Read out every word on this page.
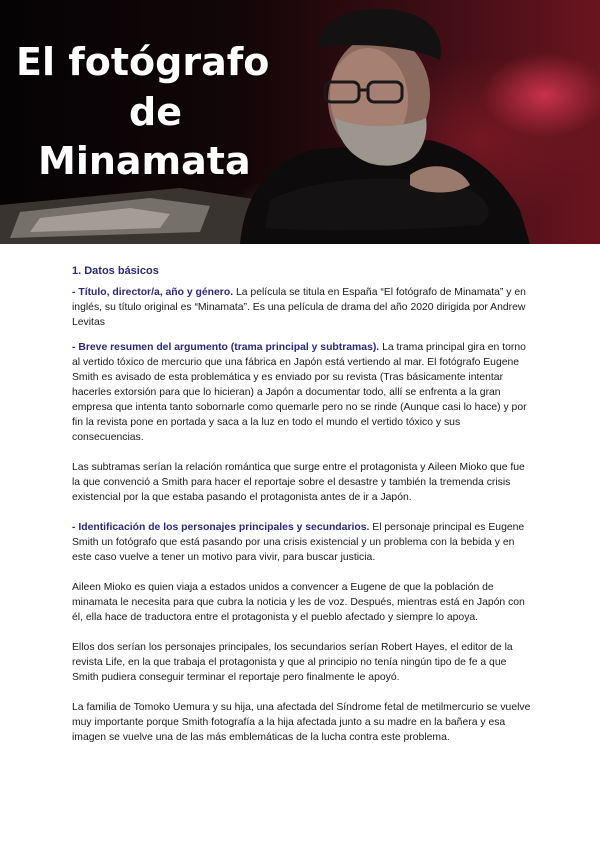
El fotógrafo
de
Minamata
1. Datos básicos

- Título, director/a, año y género. La película se titula en España “El fotógrafo de Minamata” y en inglés, su título original es “Minamata”. Es una película de drama del año 2020 dirigida por Andrew Levitas

- Breve resumen del argumento (trama principal y subtramas). La trama principal gira en torno al vertido tóxico de mercurio que una fábrica en Japón está vertiendo al mar. El fotógrafo Eugene Smith es avisado de esta problemática y es enviado por su revista (Tras básicamente intentar hacerles extorsión para que lo hicieran) a Japón a documentar todo, allí se enfrenta a la gran empresa que intenta tanto sobornarle como quemarle pero no se rinde (Aunque casi lo hace) y por fin la revista pone en portada y saca a la luz en todo el mundo el vertido tóxico y sus consecuencias.

Las subtramas serían la relación romántica que surge entre el protagonista y Aileen Mioko que fue la que convenció a Smith para hacer el reportaje sobre el desastre y también la tremenda crisis existencial por la que estaba pasando el protagonista antes de ir a Japón.

- Identificación de los personajes principales y secundarios. El personaje principal es Eugene Smith un fotógrafo que está pasando por una crisis existencial y un problema con la bebida y en este caso vuelve a tener un motivo para vivir, para buscar justicia.

Aileen Mioko es quien viaja a estados unidos a convencer a Eugene de que la población de minamata le necesita para que cubra la noticia y les de voz. Después, mientras está en Japón con él, ella hace de traductora entre el protagonista y el pueblo afectado y siempre lo apoya.

Ellos dos serían los personajes principales, los secundarios serían Robert Hayes, el editor de la revista Life, en la que trabaja el protagonista y que al principio no tenía ningún tipo de fe a que Smith pudiera conseguir terminar el reportaje pero finalmente le apoyó.

La familia de Tomoko Uemura y su hija, una afectada del Síndrome fetal de metilmercurio se vuelve muy importante porque Smith fotografía a la hija afectada junto a su madre en la bañera y esa imagen se vuelve una de las más emblemáticas de la lucha contra este problema.
